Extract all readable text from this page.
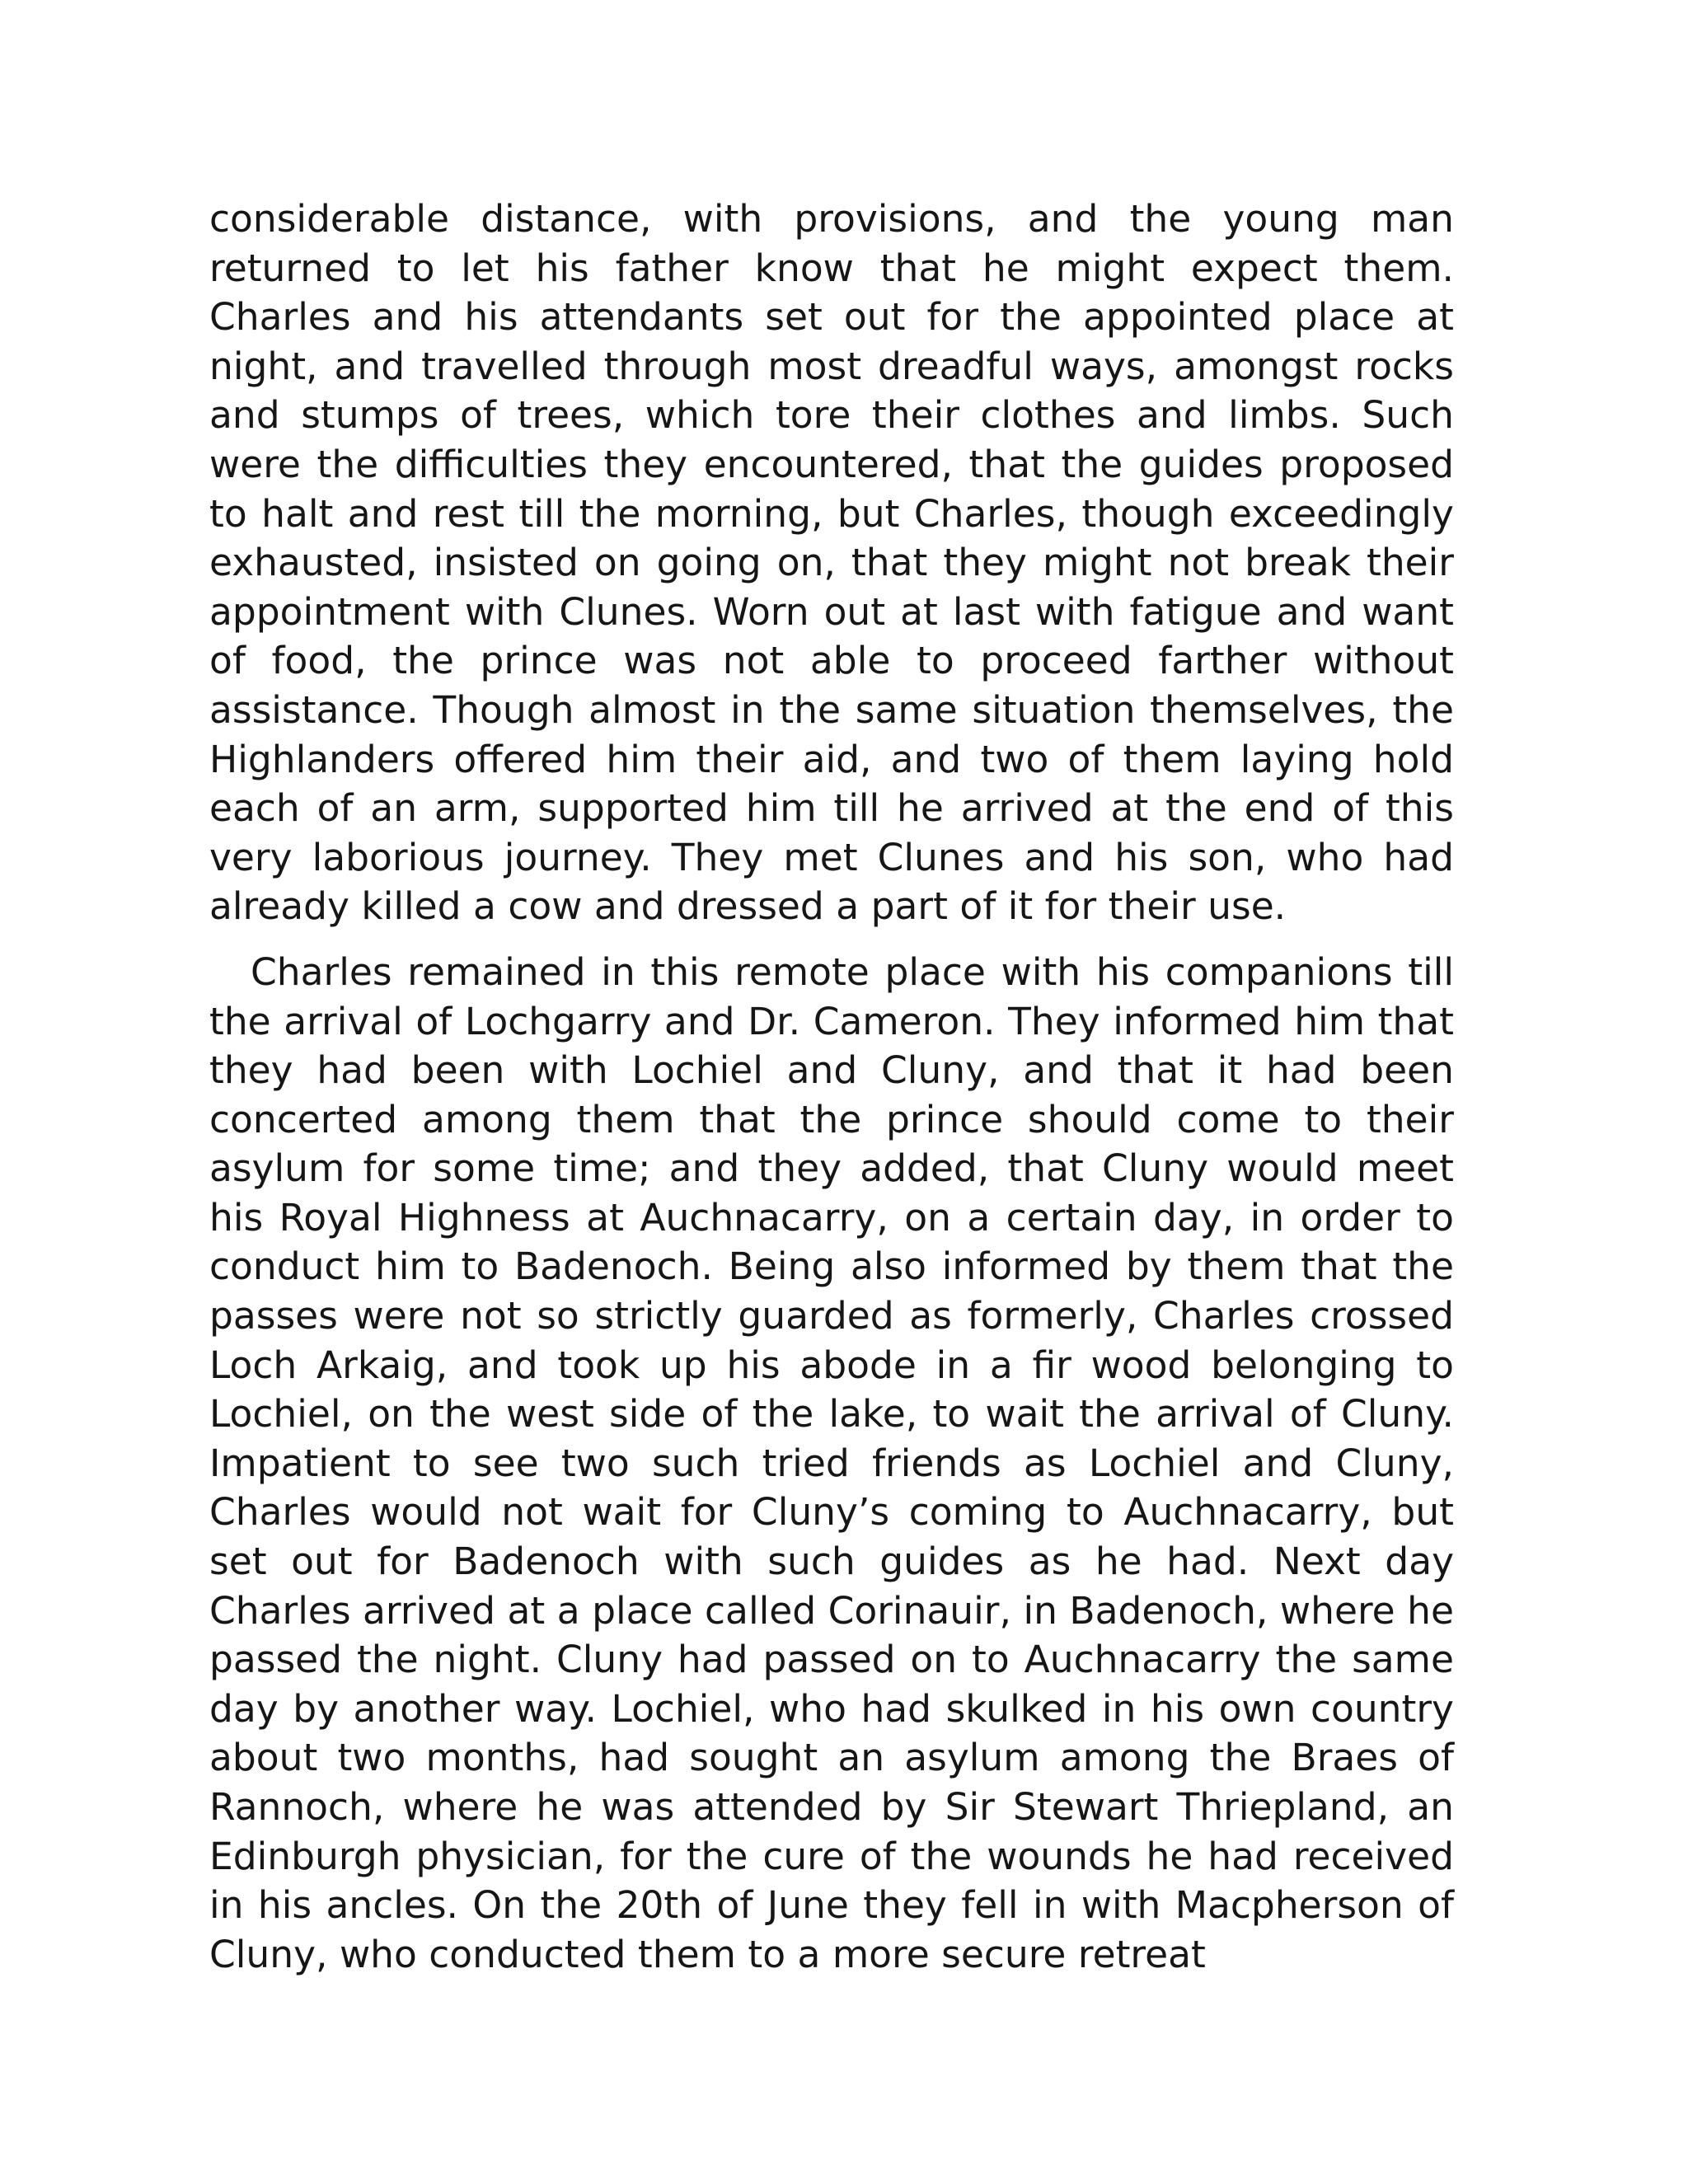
considerable distance, with provisions, and the young man returned to let his father know that he might expect them. Charles and his attendants set out for the appointed place at night, and travelled through most dreadful ways, amongst rocks and stumps of trees, which tore their clothes and limbs. Such were the difficulties they encountered, that the guides proposed to halt and rest till the morning, but Charles, though exceedingly exhausted, insisted on going on, that they might not break their appointment with Clunes. Worn out at last with fatigue and want of food, the prince was not able to proceed farther without assistance. Though almost in the same situation themselves, the Highlanders offered him their aid, and two of them laying hold each of an arm, supported him till he arrived at the end of this very laborious journey. They met Clunes and his son, who had already killed a cow and dressed a part of it for their use.

Charles remained in this remote place with his companions till the arrival of Lochgarry and Dr. Cameron. They informed him that they had been with Lochiel and Cluny, and that it had been concerted among them that the prince should come to their asylum for some time; and they added, that Cluny would meet his Royal Highness at Auchnacarry, on a certain day, in order to conduct him to Badenoch. Being also informed by them that the passes were not so strictly guarded as formerly, Charles crossed Loch Arkaig, and took up his abode in a fir wood belonging to Lochiel, on the west side of the lake, to wait the arrival of Cluny. Impatient to see two such tried friends as Lochiel and Cluny, Charles would not wait for Cluny’s coming to Auchnacarry, but set out for Badenoch with such guides as he had. Next day Charles arrived at a place called Corinauir, in Badenoch, where he passed the night. Cluny had passed on to Auchnacarry the same day by another way. Lochiel, who had skulked in his own country about two months, had sought an asylum among the Braes of Rannoch, where he was attended by Sir Stewart Thriepland, an Edinburgh physician, for the cure of the wounds he had received in his ancles. On the 20th of June they fell in with Macpherson of Cluny, who conducted them to a more secure retreat
